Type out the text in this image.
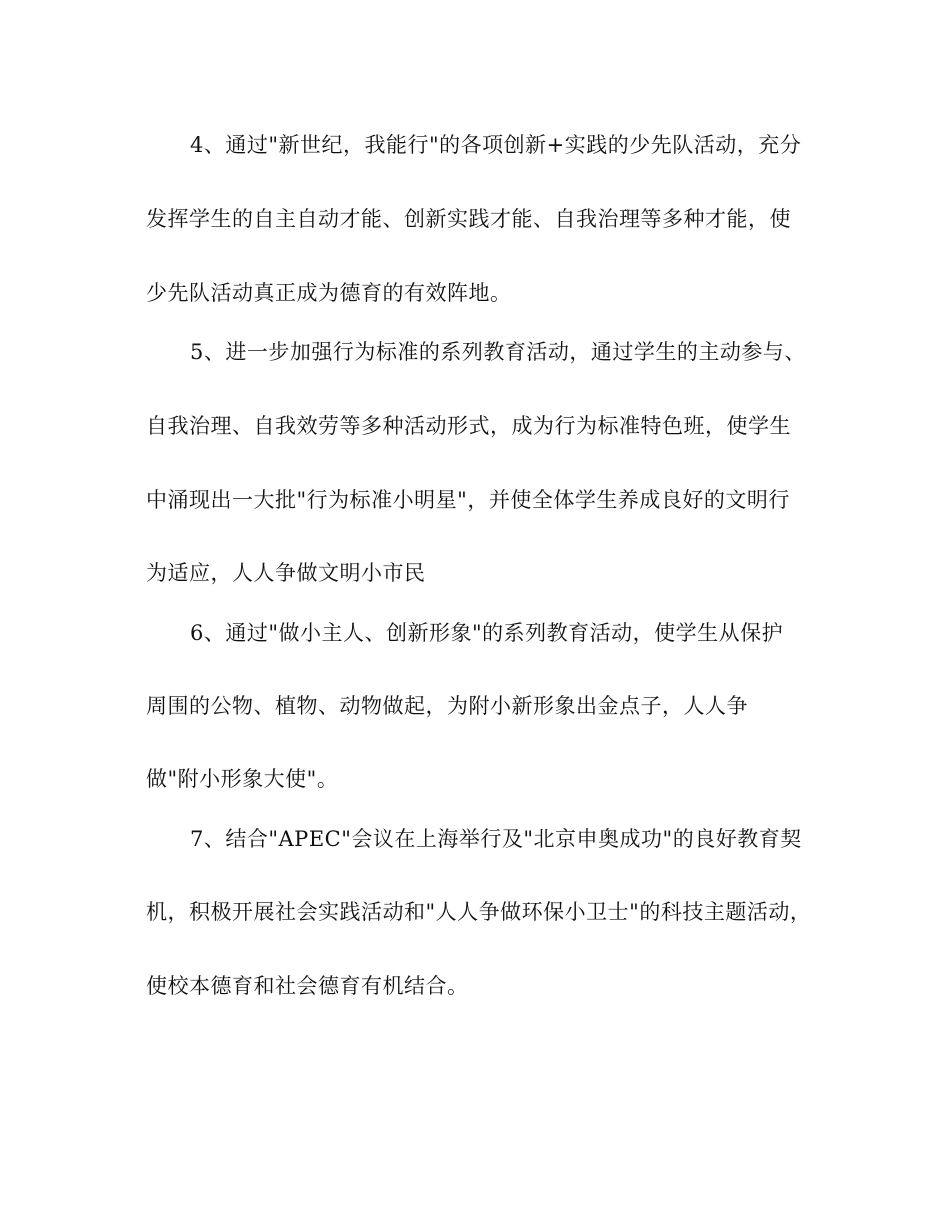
4、通过"新世纪，我能行"的各项创新+实践的少先队活动，充分
发挥学生的自主自动才能、创新实践才能、自我治理等多种才能，使
少先队活动真正成为德育的有效阵地。
5、进一步加强行为标准的系列教育活动，通过学生的主动参与、
自我治理、自我效劳等多种活动形式，成为行为标准特色班，使学生
中涌现出一大批"行为标准小明星"，并使全体学生养成良好的文明行
为适应，人人争做文明小市民
6、通过"做小主人、创新形象"的系列教育活动，使学生从保护
周围的公物、植物、动物做起，为附小新形象出金点子，人人争
做"附小形象大使"。
7、结合"APEC"会议在上海举行及"北京申奥成功"的良好教育契
机，积极开展社会实践活动和"人人争做环保小卫士"的科技主题活动，
使校本德育和社会德育有机结合。
